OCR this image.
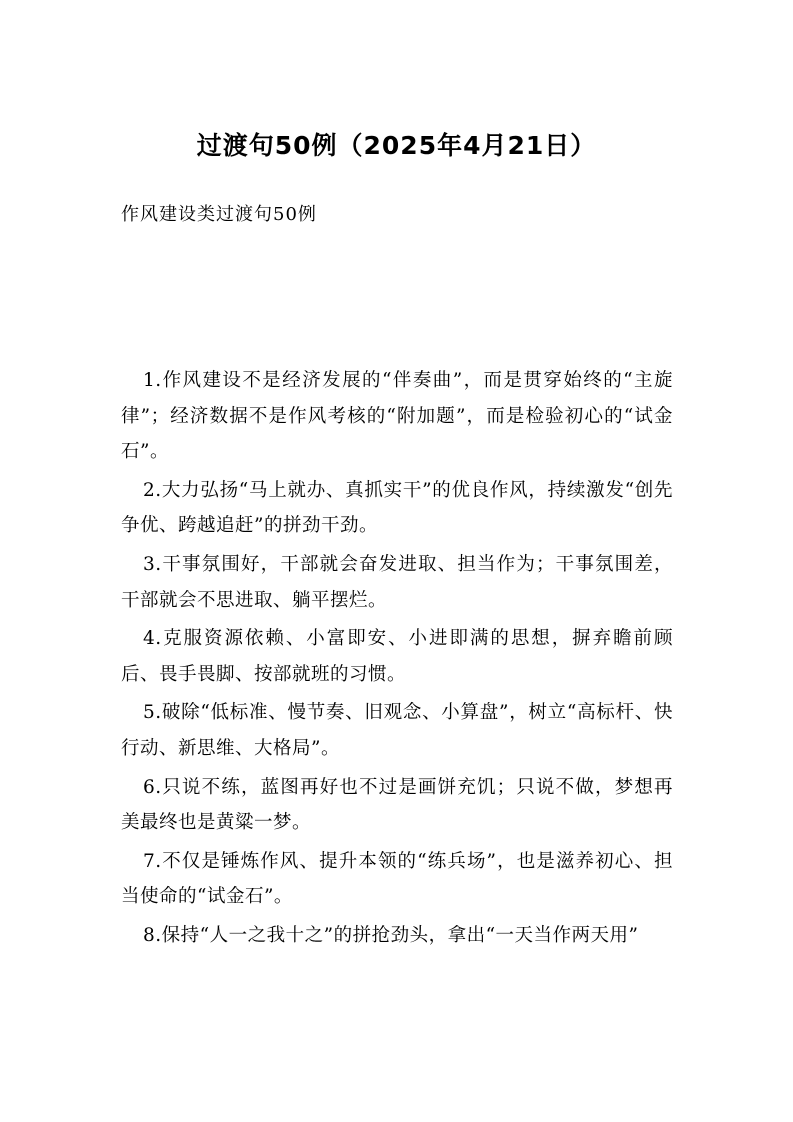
过渡句50例（2025年4月21日）
作风建设类过渡句50例

1.作风建设不是经济发展的“伴奏曲”，而是贯穿始终的“主旋律”；经济数据不是作风考核的“附加题”，而是检验初心的“试金石”。

2.大力弘扬“马上就办、真抓实干”的优良作风，持续激发“创先争优、跨越追赶”的拼劲干劲。

3.干事氛围好，干部就会奋发进取、担当作为；干事氛围差，干部就会不思进取、躺平摆烂。

4.克服资源依赖、小富即安、小进即满的思想，摒弃瞻前顾后、畏手畏脚、按部就班的习惯。

5.破除“低标准、慢节奏、旧观念、小算盘”，树立“高标杆、快行动、新思维、大格局”。

6.只说不练，蓝图再好也不过是画饼充饥；只说不做，梦想再美最终也是黄粱一梦。

7.不仅是锤炼作风、提升本领的“练兵场”，也是滋养初心、担当使命的“试金石”。

8.保持“人一之我十之”的拼抢劲头，拿出“一天当作两天用”
